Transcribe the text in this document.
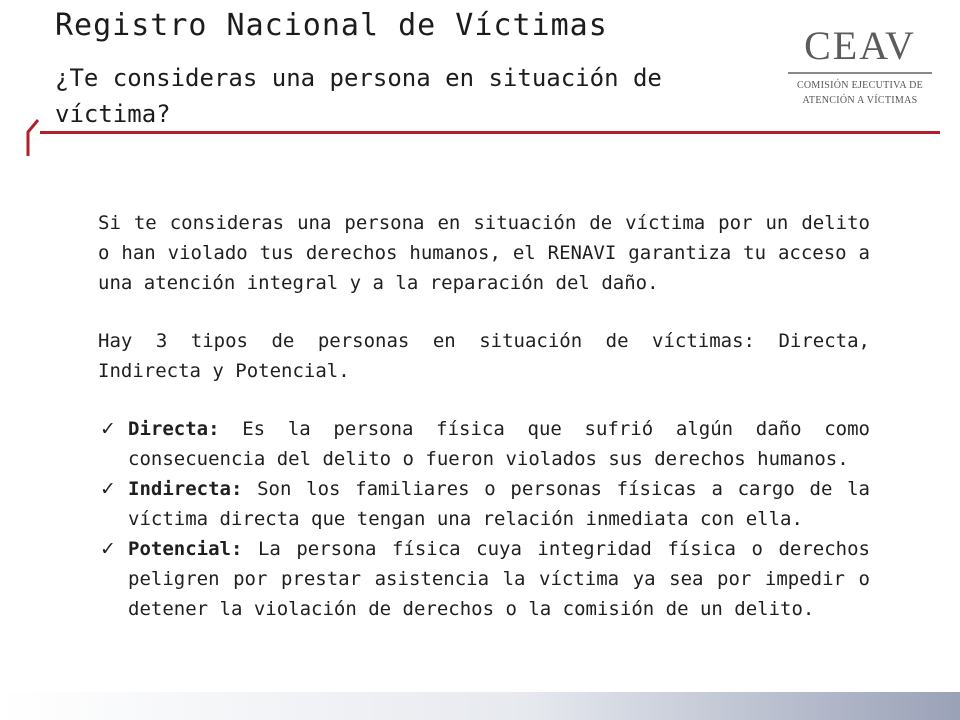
Registro Nacional de Víctimas
¿Te consideras una persona en situación de víctima?
CEAV
COMISIÓN EJECUTIVA DE
ATENCIÓN A VÍCTIMAS

Si te consideras una persona en situación de víctima por un delito o han violado tus derechos humanos, el RENAVI garantiza tu acceso a una atención integral y a la reparación del daño.

Hay 3 tipos de personas en situación de víctimas: Directa, Indirecta y Potencial.

✓ Directa: Es la persona física que sufrió algún daño como consecuencia del delito o fueron violados sus derechos humanos.
✓ Indirecta: Son los familiares o personas físicas a cargo de la víctima directa que tengan una relación inmediata con ella.
✓ Potencial: La persona física cuya integridad física o derechos peligren por prestar asistencia la víctima ya sea por impedir o detener la violación de derechos o la comisión de un delito.
